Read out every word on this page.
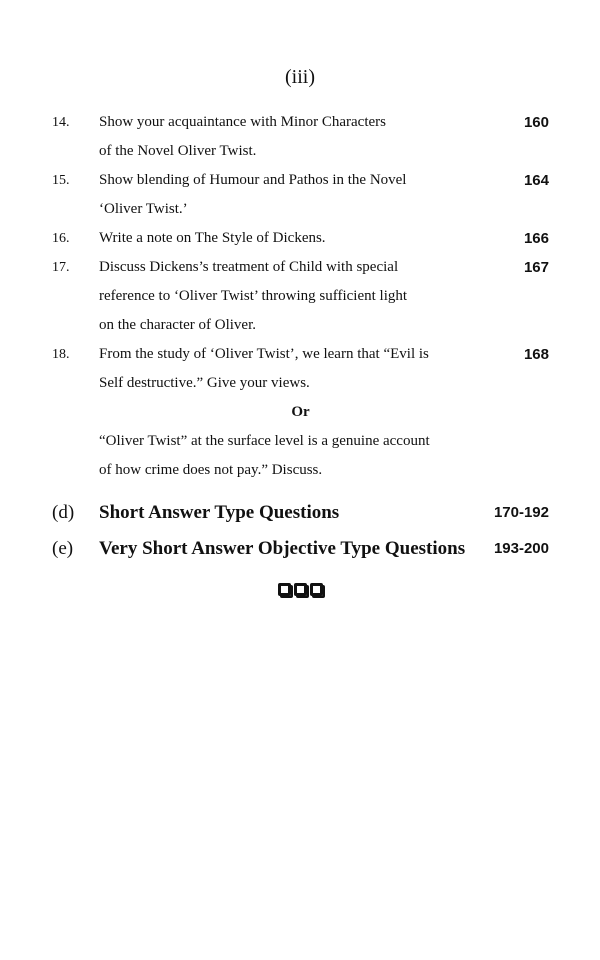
(iii)
14. Show your acquaintance with Minor Characters
of the Novel Oliver Twist.
160
15. Show blending of Humour and Pathos in the Novel
‘Oliver Twist.’
164
16. Write a note on The Style of Dickens.	166
17. Discuss Dickens’s treatment of Child with special
reference to ‘Oliver Twist’ throwing sufficient light
on the character of Oliver.
167
18. From the study of ‘Oliver Twist’, we learn that “Evil is
Self destructive.” Give your views.
168
Or
“Oliver Twist” at the surface level is a genuine account
of how crime does not pay.” Discuss.
(d) Short Answer Type Questions	170-192
(e) Very Short Answer Objective Type Questions 193-200
